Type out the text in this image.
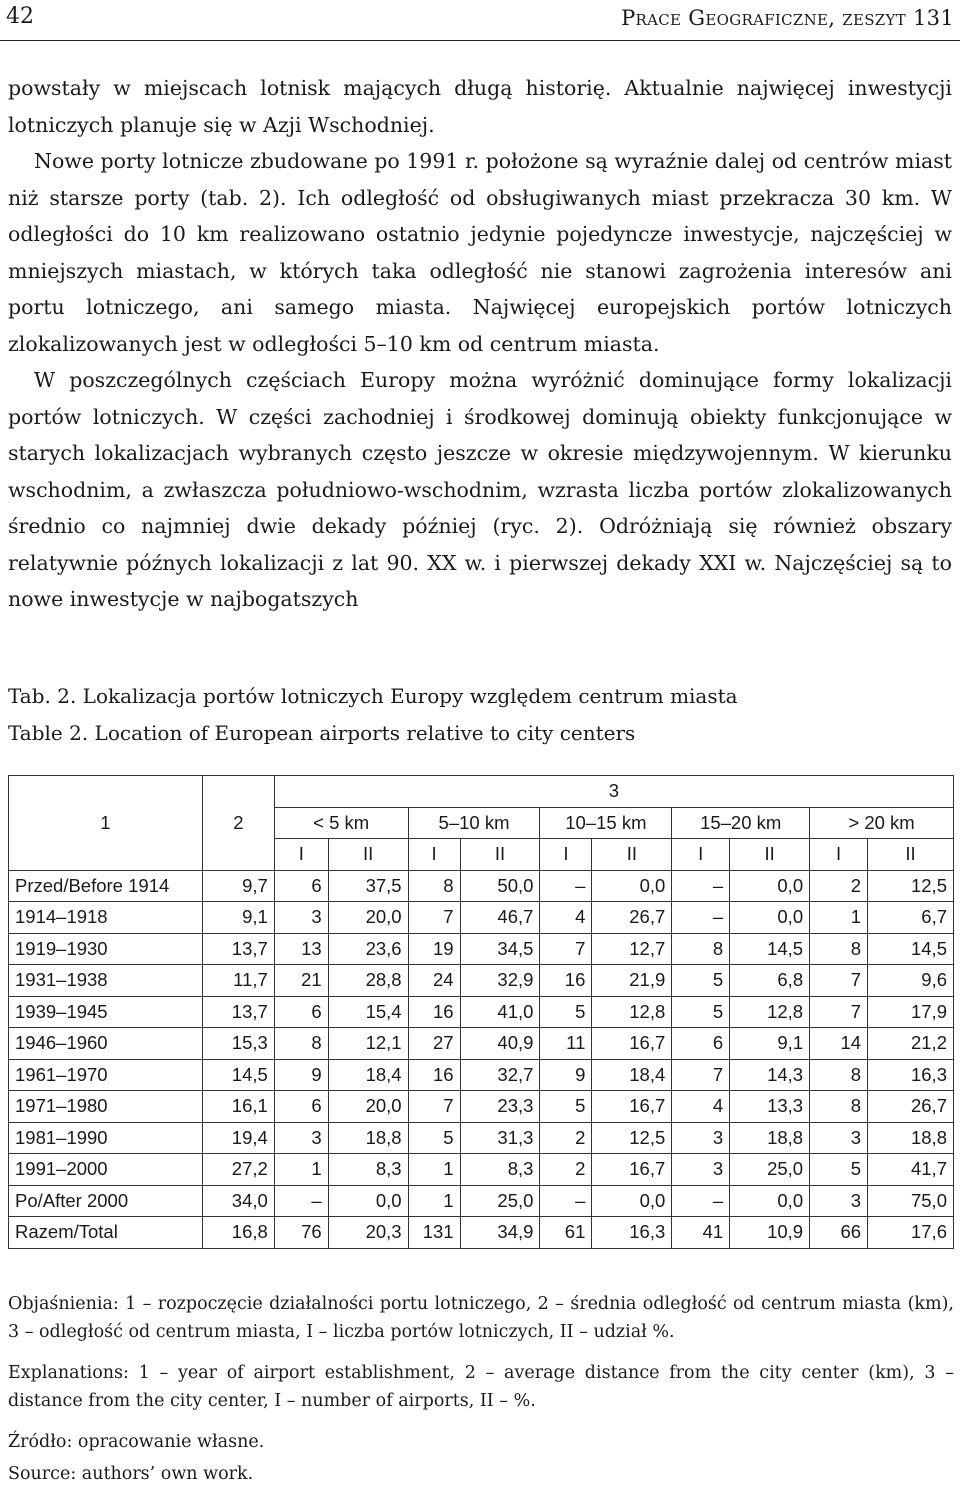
42	Prace Geograficzne, zeszyt 131

powstały w miejscach lotnisk mających długą historię. Aktualnie najwięcej inwestycji lotniczych planuje się w Azji Wschodniej.

Nowe porty lotnicze zbudowane po 1991 r. położone są wyraźnie dalej od centrów miast niż starsze porty (tab. 2). Ich odległość od obsługiwanych miast przekracza 30 km. W odległości do 10 km realizowano ostatnio jedynie pojedyncze inwestycje, najczęściej w mniejszych miastach, w których taka odległość nie stanowi zagrożenia interesów ani portu lotniczego, ani samego miasta. Najwięcej europejskich portów lotniczych zlokalizowanych jest w odległości 5–10 km od centrum miasta.

W poszczególnych częściach Europy można wyróżnić dominujące formy lokalizacji portów lotniczych. W części zachodniej i środkowej dominują obiekty funkcjonujące w starych lokalizacjach wybranych często jeszcze w okresie międzywojennym. W kierunku wschodnim, a zwłaszcza południowo-wschodnim, wzrasta liczba portów zlokalizowanych średnio co najmniej dwie dekady później (ryc. 2). Odróżniają się również obszary relatywnie późnych lokalizacji z lat 90. XX w. i pierwszej dekady XXI w. Najczęściej są to nowe inwestycje w najbogatszych

Tab. 2. Lokalizacja portów lotniczych Europy względem centrum miasta
Table 2. Location of European airports relative to city centers
1	2	3									
		< 5 km		5–10 km		10–15 km		15–20 km		> 20 km	
		I	II	I	II	I	II	I	II	I	II
Przed/Before 1914	9,7	6	37,5	8	50,0	–	0,0	–	0,0	2	12,5
1914–1918	9,1	3	20,0	7	46,7	4	26,7	–	0,0	1	6,7
1919–1930	13,7	13	23,6	19	34,5	7	12,7	8	14,5	8	14,5
1931–1938	11,7	21	28,8	24	32,9	16	21,9	5	6,8	7	9,6
1939–1945	13,7	6	15,4	16	41,0	5	12,8	5	12,8	7	17,9
1946–1960	15,3	8	12,1	27	40,9	11	16,7	6	9,1	14	21,2
1961–1970	14,5	9	18,4	16	32,7	9	18,4	7	14,3	8	16,3
1971–1980	16,1	6	20,0	7	23,3	5	16,7	4	13,3	8	26,7
1981–1990	19,4	3	18,8	5	31,3	2	12,5	3	18,8	3	18,8
1991–2000	27,2	1	8,3	1	8,3	2	16,7	3	25,0	5	41,7
Po/After 2000	34,0	–	0,0	1	25,0	–	0,0	–	0,0	3	75,0
Razem/Total	16,8	76	20,3	131	34,9	61	16,3	41	10,9	66	17,6

Objaśnienia: 1 – rozpoczęcie działalności portu lotniczego, 2 – średnia odległość od centrum miasta (km), 3 – odległość od centrum miasta, I – liczba portów lotniczych, II – udział %.

Explanations: 1 – year of airport establishment, 2 – average distance from the city center (km), 3 – distance from the city center, I – number of airports, II – %.

Źródło: opracowanie własne.

Source: authors’ own work.
